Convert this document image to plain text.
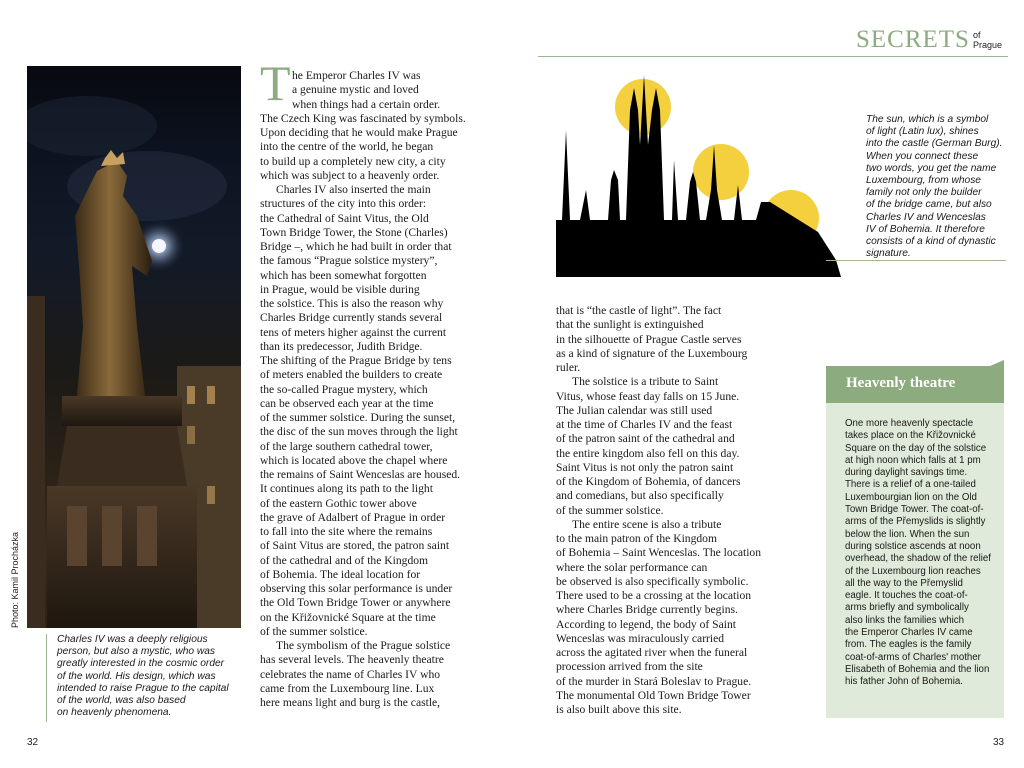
SECRETS of
Prague
Photo: Kamil Procházka
Charles IV was a deeply religious
person, but also a mystic, who was
greatly interested in the cosmic order
of the world. His design, which was
intended to raise Prague to the capital
of the world, was also based
on heavenly phenomena.
T he Emperor Charles IV was
a genuine mystic and loved
when things had a certain order.
The Czech King was fascinated by symbols.
Upon deciding that he would make Prague
into the centre of the world, he began
to build up a completely new city, a city
which was subject to a heavenly order.
Charles IV also inserted the main
structures of the city into this order:
the Cathedral of Saint Vitus, the Old
Town Bridge Tower, the Stone (Charles)
Bridge –, which he had built in order that
the famous “Prague solstice mystery”,
which has been somewhat forgotten
in Prague, would be visible during
the solstice. This is also the reason why
Charles Bridge currently stands several
tens of meters higher against the current
than its predecessor, Judith Bridge.
The shifting of the Prague Bridge by tens
of meters enabled the builders to create
the so-called Prague mystery, which
can be observed each year at the time
of the summer solstice. During the sunset,
the disc of the sun moves through the light
of the large southern cathedral tower,
which is located above the chapel where
the remains of Saint Wenceslas are housed.
It continues along its path to the light
of the eastern Gothic tower above
the grave of Adalbert of Prague in order
to fall into the site where the remains
of Saint Vitus are stored, the patron saint
of the cathedral and of the Kingdom
of Bohemia. The ideal location for
observing this solar performance is under
the Old Town Bridge Tower or anywhere
on the Křižovnické Square at the time
of the summer solstice.
The symbolism of the Prague solstice
has several levels. The heavenly theatre
celebrates the name of Charles IV who
came from the Luxembourg line. Lux
here means light and burg is the castle,
that is “the castle of light”. The fact
that the sunlight is extinguished
in the silhouette of Prague Castle serves
as a kind of signature of the Luxembourg
ruler.
The solstice is a tribute to Saint
Vitus, whose feast day falls on 15 June.
The Julian calendar was still used
at the time of Charles IV and the feast
of the patron saint of the cathedral and
the entire kingdom also fell on this day.
Saint Vitus is not only the patron saint
of the Kingdom of Bohemia, of dancers
and comedians, but also specifically
of the summer solstice.
The entire scene is also a tribute
to the main patron of the Kingdom
of Bohemia – Saint Wenceslas. The location
where the solar performance can
be observed is also specifically symbolic.
There used to be a crossing at the location
where Charles Bridge currently begins.
According to legend, the body of Saint
Wenceslas was miraculously carried
across the agitated river when the funeral
procession arrived from the site
of the murder in Stará Boleslav to Prague.
The monumental Old Town Bridge Tower
is also built above this site.
The sun, which is a symbol
of light (Latin lux), shines
into the castle (German Burg).
When you connect these
two words, you get the name
Luxembourg, from whose
family not only the builder
of the bridge came, but also
Charles IV and Wenceslas
IV of Bohemia. It therefore
consists of a kind of dynastic
signature.
Heavenly theatre
One more heavenly spectacle
takes place on the Křižovnické
Square on the day of the solstice
at high noon which falls at 1 pm
during daylight savings time.
There is a relief of a one-tailed
Luxembourgian lion on the Old
Town Bridge Tower. The coat-of-
arms of the Přemyslids is slightly
below the lion. When the sun
during solstice ascends at noon
overhead, the shadow of the relief
of the Luxembourg lion reaches
all the way to the Přemyslid
eagle. It touches the coat-of-
arms briefly and symbolically
also links the families which
the Emperor Charles IV came
from. The eagles is the family
coat-of-arms of Charles' mother
Elisabeth of Bohemia and the lion
his father John of Bohemia.
32	33
